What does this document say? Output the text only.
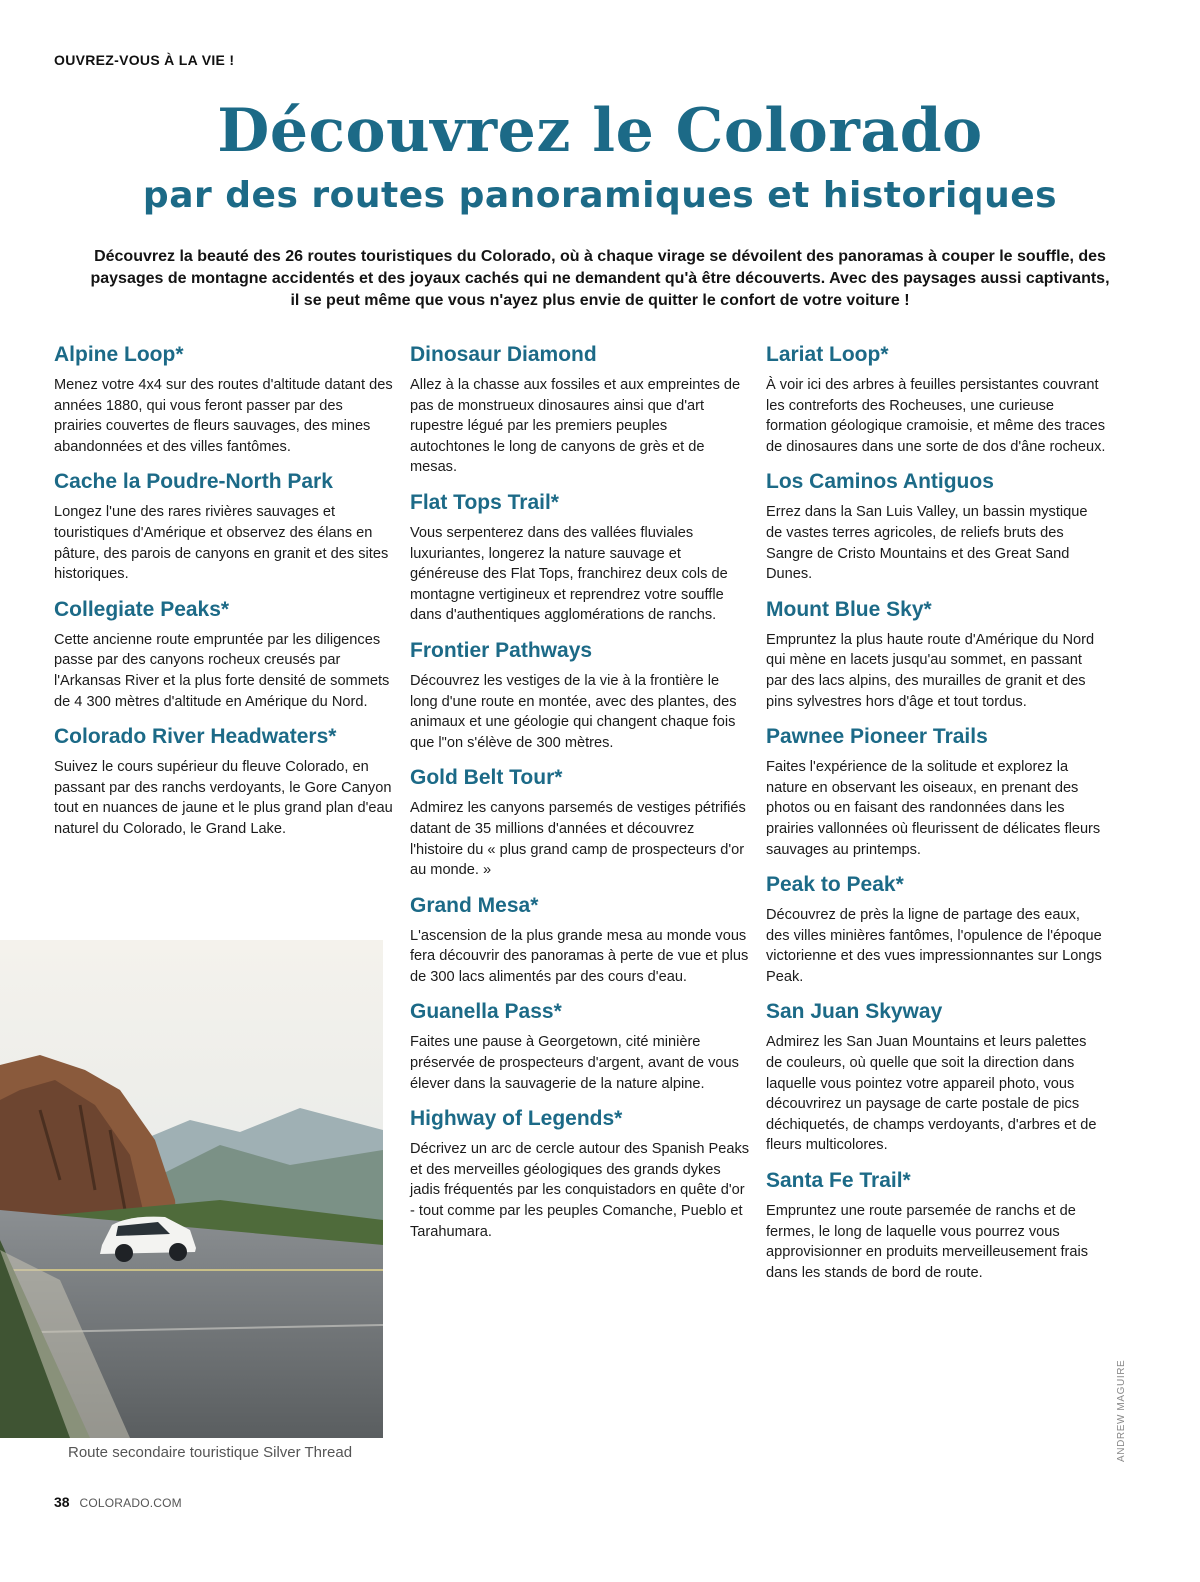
OUVREZ-VOUS À LA VIE !
Découvrez le Colorado
par des routes panoramiques et historiques

Découvrez la beauté des 26 routes touristiques du Colorado, où à chaque virage se dévoilent des panoramas à couper le souffle, des paysages de montagne accidentés et des joyaux cachés qui ne demandent qu'à être découverts. Avec des paysages aussi captivants, il se peut même que vous n'ayez plus envie de quitter le confort de votre voiture !

Alpine Loop*

Menez votre 4x4 sur des routes d'altitude datant des années 1880, qui vous feront passer par des prairies couvertes de fleurs sauvages, des mines abandonnées et des villes fantômes.

Cache la Poudre-North Park

Longez l'une des rares rivières sauvages et touristiques d'Amérique et observez des élans en pâture, des parois de canyons en granit et des sites historiques.

Collegiate Peaks*

Cette ancienne route empruntée par les diligences passe par des canyons rocheux creusés par l'Arkansas River et la plus forte densité de sommets de 4 300 mètres d'altitude en Amérique du Nord.

Colorado River Headwaters*

Suivez le cours supérieur du fleuve Colorado, en passant par des ranchs verdoyants, le Gore Canyon tout en nuances de jaune et le plus grand plan d'eau naturel du Colorado, le Grand Lake.

Dinosaur Diamond

Allez à la chasse aux fossiles et aux empreintes de pas de monstrueux dinosaures ainsi que d'art rupestre légué par les premiers peuples autochtones le long de canyons de grès et de mesas.

Flat Tops Trail*

Vous serpenterez dans des vallées fluviales luxuriantes, longerez la nature sauvage et généreuse des Flat Tops, franchirez deux cols de montagne vertigineux et reprendrez votre souffle dans d'authentiques agglomérations de ranchs.

Frontier Pathways

Découvrez les vestiges de la vie à la frontière le long d'une route en montée, avec des plantes, des animaux et une géologie qui changent chaque fois que l"on s'élève de 300 mètres.

Gold Belt Tour*

Admirez les canyons parsemés de vestiges pétrifiés datant de 35 millions d'années et découvrez l'histoire du « plus grand camp de prospecteurs d'or au monde. »

Grand Mesa*

L'ascension de la plus grande mesa au monde vous fera découvrir des panoramas à perte de vue et plus de 300 lacs alimentés par des cours d'eau.

Guanella Pass*

Faites une pause à Georgetown, cité minière préservée de prospecteurs d'argent, avant de vous élever dans la sauvagerie de la nature alpine.

Highway of Legends*

Décrivez un arc de cercle autour des Spanish Peaks et des merveilles géologiques des grands dykes jadis fréquentés par les conquistadors en quête d'or - tout comme par les peuples Comanche, Pueblo et Tarahumara.

Lariat Loop*

À voir ici des arbres à feuilles persistantes couvrant les contreforts des Rocheuses, une curieuse formation géologique cramoisie, et même des traces de dinosaures dans une sorte de dos d'âne rocheux.

Los Caminos Antiguos

Errez dans la San Luis Valley, un bassin mystique de vastes terres agricoles, de reliefs bruts des Sangre de Cristo Mountains et des Great Sand Dunes.

Mount Blue Sky*

Empruntez la plus haute route d'Amérique du Nord qui mène en lacets jusqu'au sommet, en passant par des lacs alpins, des murailles de granit et des pins sylvestres hors d'âge et tout tordus.

Pawnee Pioneer Trails

Faites l'expérience de la solitude et explorez la nature en observant les oiseaux, en prenant des photos ou en faisant des randonnées dans les prairies vallonnées où fleurissent de délicates fleurs sauvages au printemps.

Peak to Peak*

Découvrez de près la ligne de partage des eaux, des villes minières fantômes, l'opulence de l'époque victorienne et des vues impressionnantes sur Longs Peak.

San Juan Skyway

Admirez les San Juan Mountains et leurs palettes de couleurs, où quelle que soit la direction dans laquelle vous pointez votre appareil photo, vous découvrirez un paysage de carte postale de pics déchiquetés, de champs verdoyants, d'arbres et de fleurs multicolores.

Santa Fe Trail*

Empruntez une route parsemée de ranchs et de fermes, le long de laquelle vous pourrez vous approvisionner en produits merveilleusement frais dans les stands de bord de route.

Route secondaire touristique Silver Thread	ANDREW MAGUIRE
38 COLORADO.COM
